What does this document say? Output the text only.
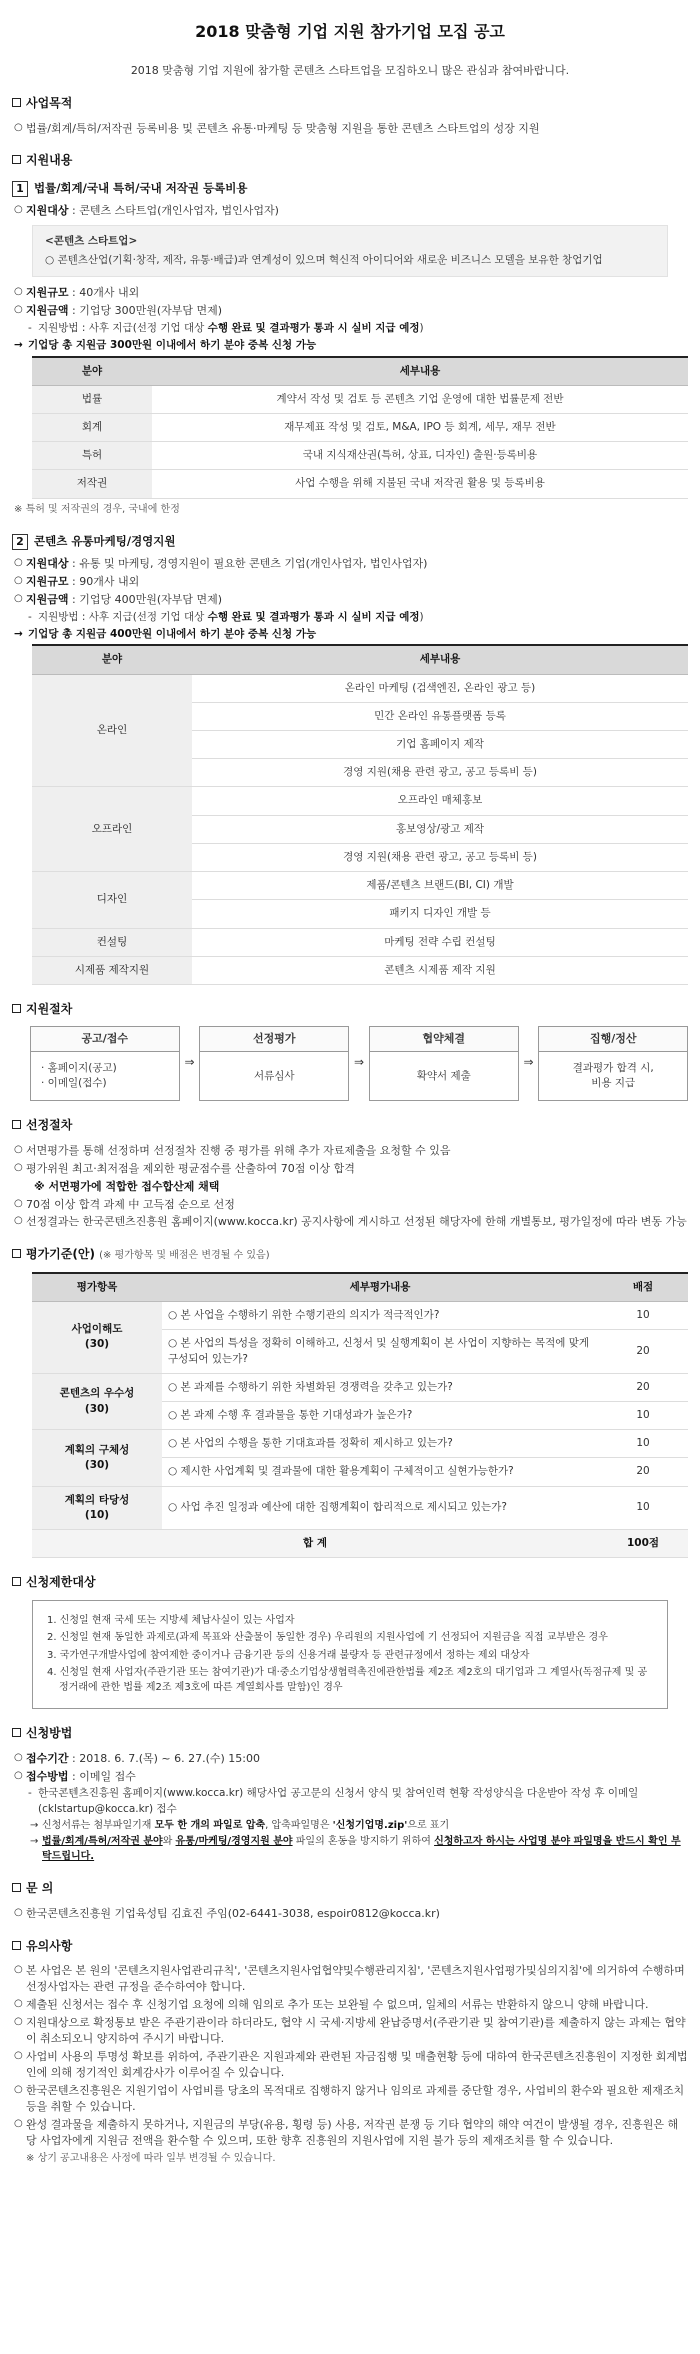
2018 맞춤형 기업 지원 참가기업 모집 공고
2018 맞춤형 기업 지원에 참가할 콘텐츠 스타트업을 모집하오니 많은 관심과 참여바랍니다.
사업목적
○ 법률/회계/특허/저작권 등록비용 및 콘텐츠 유통·마케팅 등 맞춤형 지원을 통한 콘텐츠 스타트업의 성장 지원
지원내용
1 법률/회계/국내 특허/국내 저작권 등록비용
○ 지원대상 : 콘텐츠 스타트업(개인사업자, 법인사업자)
<콘텐츠 스타트업>
○ 콘텐츠산업(기획·창작, 제작, 유통·배급)과 연계성이 있으며 혁신적 아이디어와 새로운 비즈니스 모델을 보유한 창업기업
○ 지원규모 : 40개사 내외
○ 지원금액 : 기업당 300만원(자부담 면제)
- 지원방법 : 사후 지급(선정 기업 대상 수행 완료 및 결과평가 통과 시 실비 지급 예정)
→ 기업당 총 지원금 300만원 이내에서 하기 분야 중복 신청 가능
분야	세부내용
법률	계약서 작성 및 검토 등 콘텐츠 기업 운영에 대한 법률문제 전반
회계	재무제표 작성 및 검토, M&A, IPO 등 회계, 세무, 재무 전반
특허	국내 지식재산권(특허, 상표, 디자인) 출원·등록비용
저작권	사업 수행을 위해 지불된 국내 저작권 활용 및 등록비용
※ 특허 및 저작권의 경우, 국내에 한정
2 콘텐츠 유통마케팅/경영지원
○ 지원대상 : 유통 및 마케팅, 경영지원이 필요한 콘텐츠 기업(개인사업자, 법인사업자)
○ 지원규모 : 90개사 내외
○ 지원금액 : 기업당 400만원(자부담 면제)
- 지원방법 : 사후 지급(선정 기업 대상 수행 완료 및 결과평가 통과 시 실비 지급 예정)
→ 기업당 총 지원금 400만원 이내에서 하기 분야 중복 신청 가능
분야	세부내용
온라인	온라인 마케팅 (검색엔진, 온라인 광고 등)
	민간 온라인 유통플랫폼 등록
	기업 홈페이지 제작
	경영 지원(채용 관련 광고, 공고 등록비 등)
오프라인	오프라인 매체홍보
	홍보영상/광고 제작
	경영 지원(채용 관련 광고, 공고 등록비 등)
디자인	제품/콘텐츠 브랜드(BI, CI) 개발
	패키지 디자인 개발 등
컨설팅	마케팅 전략 수립 컨설팅
시제품 제작지원	콘텐츠 시제품 제작 지원
지원절차
공고/접수
· 홈페이지(공고)
· 이메일(접수)
⇒
선정평가
서류심사
⇒
협약체결
확약서 제출
⇒
집행/정산
결과평가 합격 시,
비용 지급
선정절차
○ 서면평가를 통해 선정하며 선정절차 진행 중 평가를 위해 추가 자료제출을 요청할 수 있음
○ 평가위원 최고·최저점을 제외한 평균점수를 산출하여 70점 이상 합격
※ 서면평가에 적합한 접수합산제 채택
○ 70점 이상 합격 과제 中 고득점 순으로 선정
○ 선정결과는 한국콘텐츠진흥원 홈페이지(www.kocca.kr) 공지사항에 게시하고 선정된 해당자에 한해 개별통보, 평가일정에 따라 변동 가능
평가기준(안) (※ 평가항목 및 배점은 변경될 수 있음)
평가항목	세부평가내용	배점

사업이해도
(30)	○ 본 사업을 수행하기 위한 수행기관의 의지가 적극적인가?	10
	○ 본 사업의 특성을 정확히 이해하고, 신청서 및 실행계획이 본 사업이 지향하는 목적에 맞게 구성되어 있는가?	20

콘텐츠의 우수성
(30)	○ 본 과제를 수행하기 위한 차별화된 경쟁력을 갖추고 있는가?	20
	○ 본 과제 수행 후 결과물을 통한 기대성과가 높은가?	10

계획의 구체성
(30)	○ 본 사업의 수행을 통한 기대효과를 정확히 제시하고 있는가?	10
	○ 제시한 사업계획 및 결과물에 대한 활용계획이 구체적이고 실현가능한가?	20

계획의 타당성
(10)	○ 사업 추진 일정과 예산에 대한 집행계획이 합리적으로 제시되고 있는가?	10
합 계		100점
신청제한대상
1. 신청일 현재 국세 또는 지방세 체납사실이 있는 사업자
2. 신청일 현재 동일한 과제로(과제 목표와 산출물이 동일한 경우) 우리원의 지원사업에 기 선정되어 지원금을 직접 교부받은 경우
3. 국가연구개발사업에 참여제한 중이거나 금융기관 등의 신용거래 불량자 등 관련규정에서 정하는 제외 대상자
4. 신청일 현재 사업자(주관기관 또는 참여기관)가 대·중소기업상생협력촉진에관한법률 제2조 제2호의 대기업과 그 계열사(독점규제 및 공정거래에 관한 법률 제2조 제3호에 따른 계열회사를 말함)인 경우
신청방법
○ 접수기간 : 2018. 6. 7.(목) ~ 6. 27.(수) 15:00
○ 접수방법 : 이메일 접수
- 한국콘텐츠진흥원 홈페이지(www.kocca.kr) 해당사업 공고문의 신청서 양식 및 참여인력 현황 작성양식을 다운받아 작성 후 이메일(cklstartup@kocca.kr) 접수
→ 신청서류는 첨부파일기재 모두 한 개의 파일로 압축, 압축파일명은 '신청기업명.zip'으로 표기
→ 법률/회계/특허/저작권 분야와 유통/마케팅/경영지원 분야 파일의 혼동을 방지하기 위하여 신청하고자 하시는 사업명 분야 파일명을 반드시 확인 부탁드립니다.
문 의
○ 한국콘텐츠진흥원 기업육성팀 김효진 주임(02-6441-3038, espoir0812@kocca.kr)
유의사항
○ 본 사업은 본 원의 '콘텐츠지원사업관리규칙', '콘텐츠지원사업협약및수행관리지침', '콘텐츠지원사업평가및심의지침'에 의거하여 수행하며 선정사업자는 관련 규정을 준수하여야 합니다.
○ 제출된 신청서는 접수 후 신청기업 요청에 의해 임의로 추가 또는 보완될 수 없으며, 일체의 서류는 반환하지 않으니 양해 바랍니다.
○ 지원대상으로 확정통보 받은 주관기관이라 하더라도, 협약 시 국세·지방세 완납증명서(주관기관 및 참여기관)를 제출하지 않는 과제는 협약이 취소되오니 양지하여 주시기 바랍니다.
○ 사업비 사용의 투명성 확보를 위하여, 주관기관은 지원과제와 관련된 자금집행 및 매출현황 등에 대하여 한국콘텐츠진흥원이 지정한 회계법인에 의해 정기적인 회계감사가 이루어질 수 있습니다.
○ 한국콘텐츠진흥원은 지원기업이 사업비를 당초의 목적대로 집행하지 않거나 임의로 과제를 중단할 경우, 사업비의 환수와 필요한 제재조치 등을 취할 수 있습니다.
○ 완성 결과물을 제출하지 못하거나, 지원금의 부당(유용, 횡령 등) 사용, 저작권 분쟁 등 기타 협약의 해약 여건이 발생될 경우, 진흥원은 해당 사업자에게 지원금 전액을 환수할 수 있으며, 또한 향후 진흥원의 지원사업에 지원 불가 등의 제재조치를 할 수 있습니다.
※ 상기 공고내용은 사정에 따라 일부 변경될 수 있습니다.
